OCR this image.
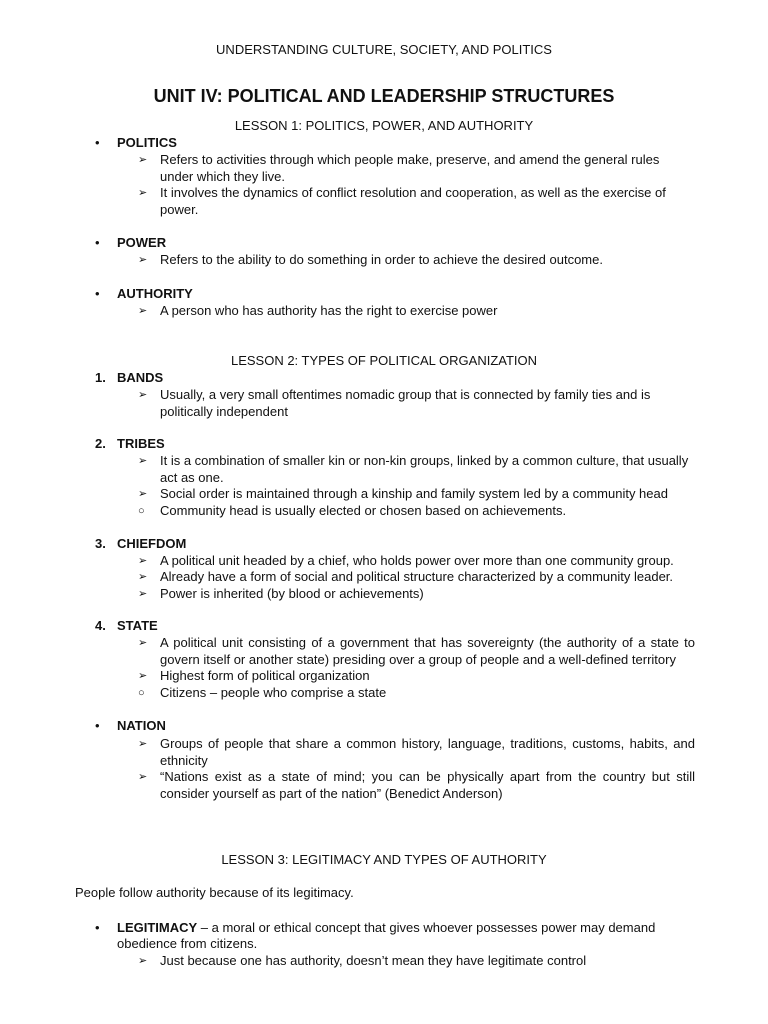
UNDERSTANDING CULTURE, SOCIETY, AND POLITICS
UNIT IV: POLITICAL AND LEADERSHIP STRUCTURES
LESSON 1: POLITICS, POWER, AND AUTHORITY
• POLITICS
➢ Refers to activities through which people make, preserve, and amend the general rules under which they live.
➢ It involves the dynamics of conflict resolution and cooperation, as well as the exercise of power.
• POWER
➢ Refers to the ability to do something in order to achieve the desired outcome.
• AUTHORITY
➢ A person who has authority has the right to exercise power
LESSON 2: TYPES OF POLITICAL ORGANIZATION
1. BANDS
➢ Usually, a very small oftentimes nomadic group that is connected by family ties and is politically independent
2. TRIBES
➢ It is a combination of smaller kin or non-kin groups, linked by a common culture, that usually act as one.
➢ Social order is maintained through a kinship and family system led by a community head
○ Community head is usually elected or chosen based on achievements.
3. CHIEFDOM
➢ A political unit headed by a chief, who holds power over more than one community group.
➢ Already have a form of social and political structure characterized by a community leader.
➢ Power is inherited (by blood or achievements)
4. STATE
➢ A political unit consisting of a government that has sovereignty (the authority of a state to govern itself or another state) presiding over a group of people and a well-defined territory
➢ Highest form of political organization
○ Citizens – people who comprise a state
• NATION
➢ Groups of people that share a common history, language, traditions, customs, habits, and ethnicity
➢ “Nations exist as a state of mind; you can be physically apart from the country but still consider yourself as part of the nation” (Benedict Anderson)
LESSON 3: LEGITIMACY AND TYPES OF AUTHORITY
People follow authority because of its legitimacy.
• LEGITIMACY – a moral or ethical concept that gives whoever possesses power may demand
obedience from citizens.
➢ Just because one has authority, doesn’t mean they have legitimate control
